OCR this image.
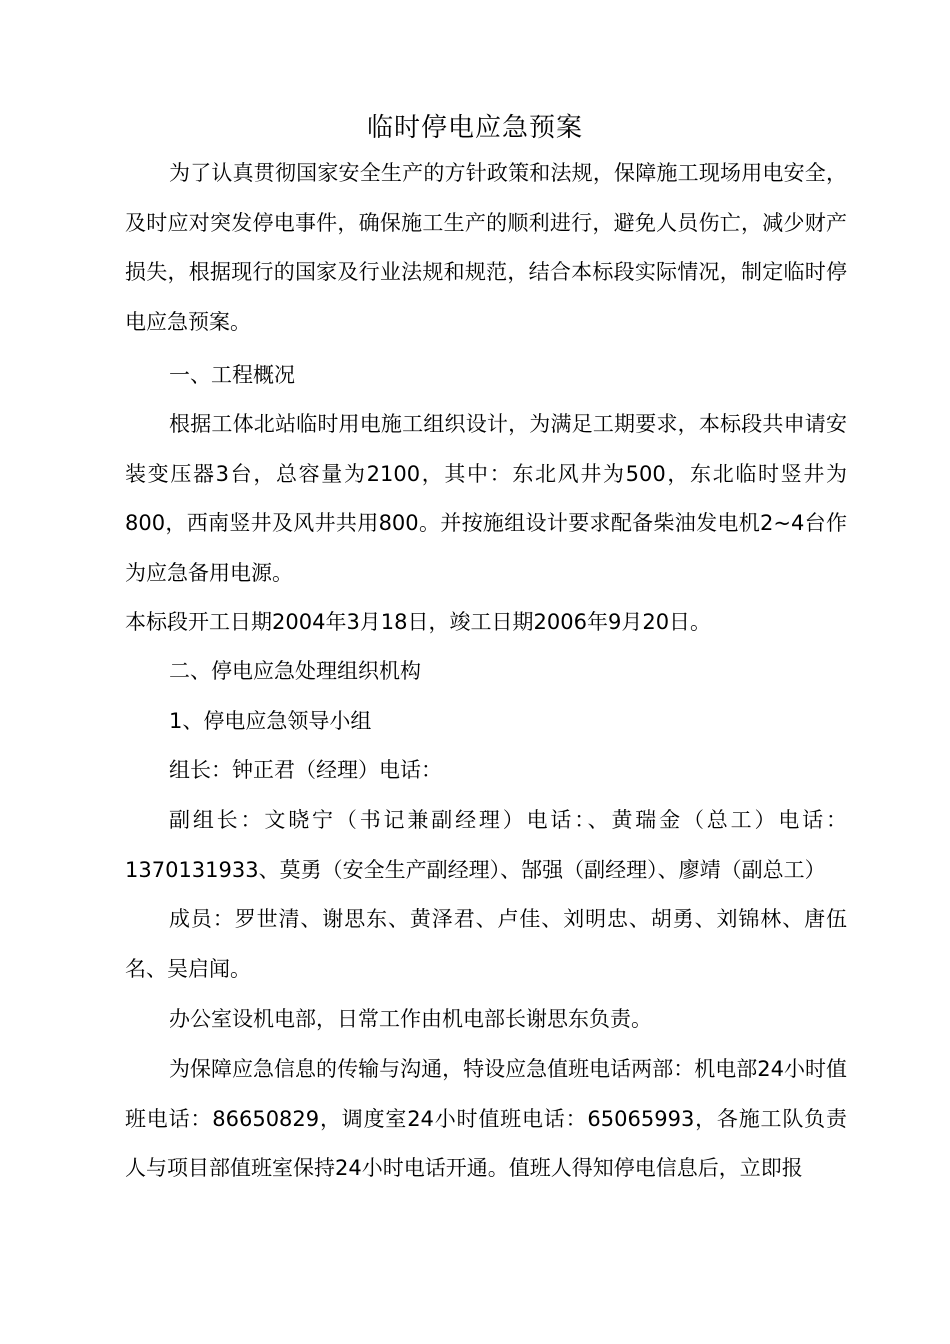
临时停电应急预案

为了认真贯彻国家安全生产的方针政策和法规，保障施工现场用电安全，及时应对突发停电事件，确保施工生产的顺利进行，避免人员伤亡，减少财产损失，根据现行的国家及行业法规和规范，结合本标段实际情况，制定临时停电应急预案。

一、工程概况

根据工体北站临时用电施工组织设计，为满足工期要求，本标段共申请安装变压器3台，总容量为2100，其中：东北风井为500，东北临时竖井为800，西南竖井及风井共用800。并按施组设计要求配备柴油发电机2~4台作为应急备用电源。

本标段开工日期2004年3月18日，竣工日期2006年9月20日。

二、停电应急处理组织机构

1、停电应急领导小组

组长：钟正君（经理）电话：

副组长：文晓宁（书记兼副经理）电话：、黄瑞金（总工）电话：1370131933、莫勇（安全生产副经理）、郜强（副经理）、廖靖（副总工）

成员：罗世清、谢思东、黄泽君、卢佳、刘明忠、胡勇、刘锦林、唐伍名、吴启闻。

办公室设机电部，日常工作由机电部长谢思东负责。

为保障应急信息的传输与沟通，特设应急值班电话两部：机电部24小时值班电话：86650829，调度室24小时值班电话：65065993，各施工队负责人与项目部值班室保持24小时电话开通。值班人得知停电信息后，立即报
